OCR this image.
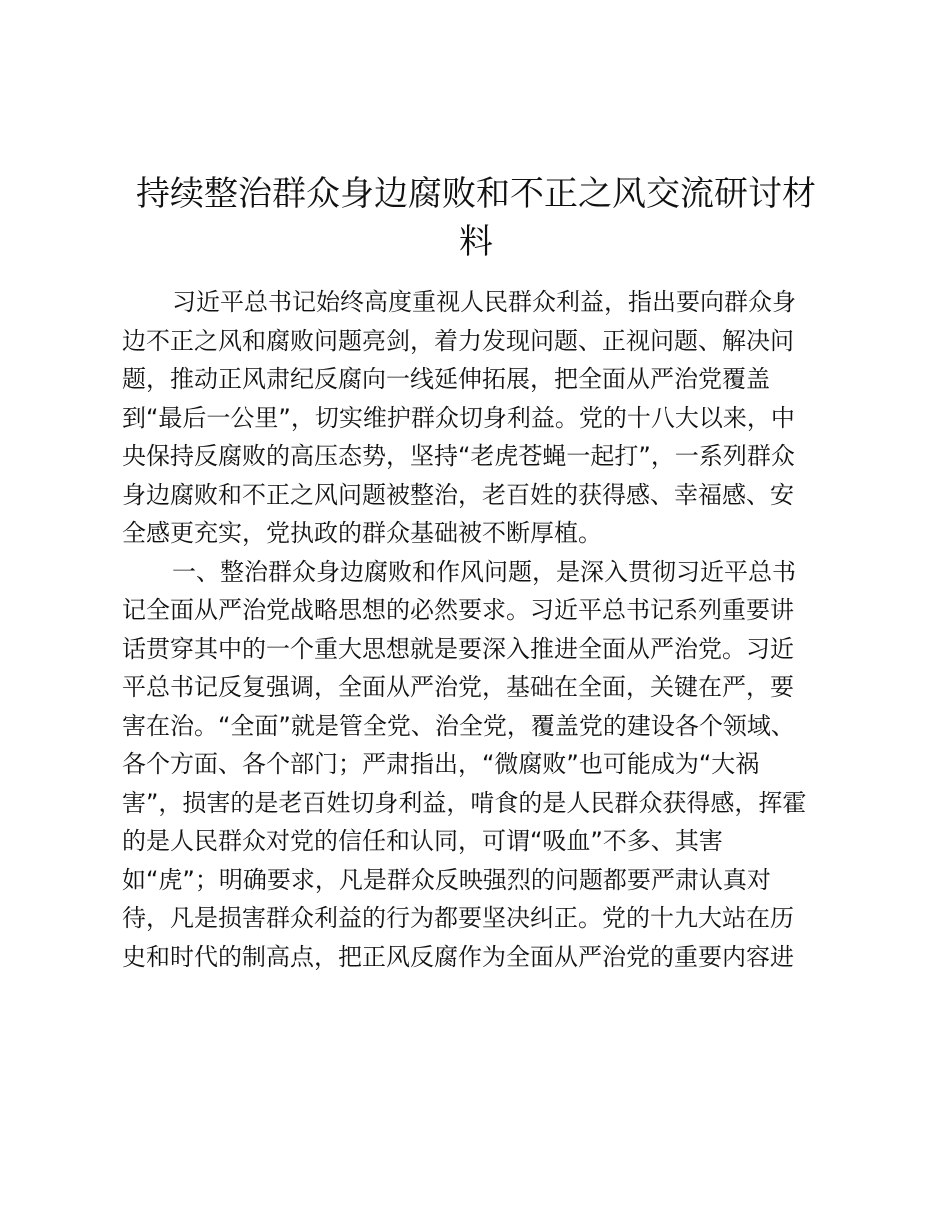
持续整治群众身边腐败和不正之风交流研讨材
料
习近平总书记始终高度重视人民群众利益，指出要向群众身
边不正之风和腐败问题亮剑，着力发现问题、正视问题、解决问
题，推动正风肃纪反腐向一线延伸拓展，把全面从严治党覆盖
到“最后一公里”，切实维护群众切身利益。党的十八大以来，中
央保持反腐败的高压态势，坚持“老虎苍蝇一起打”，一系列群众
身边腐败和不正之风问题被整治，老百姓的获得感、幸福感、安
全感更充实，党执政的群众基础被不断厚植。
一、整治群众身边腐败和作风问题，是深入贯彻习近平总书
记全面从严治党战略思想的必然要求。习近平总书记系列重要讲
话贯穿其中的一个重大思想就是要深入推进全面从严治党。习近
平总书记反复强调，全面从严治党，基础在全面，关键在严，要
害在治。“全面”就是管全党、治全党，覆盖党的建设各个领域、
各个方面、各个部门；严肃指出，“微腐败”也可能成为“大祸
害”，损害的是老百姓切身利益，啃食的是人民群众获得感，挥霍
的是人民群众对党的信任和认同，可谓“吸血”不多、其害
如“虎”；明确要求，凡是群众反映强烈的问题都要严肃认真对
待，凡是损害群众利益的行为都要坚决纠正。党的十九大站在历
史和时代的制高点，把正风反腐作为全面从严治党的重要内容进
